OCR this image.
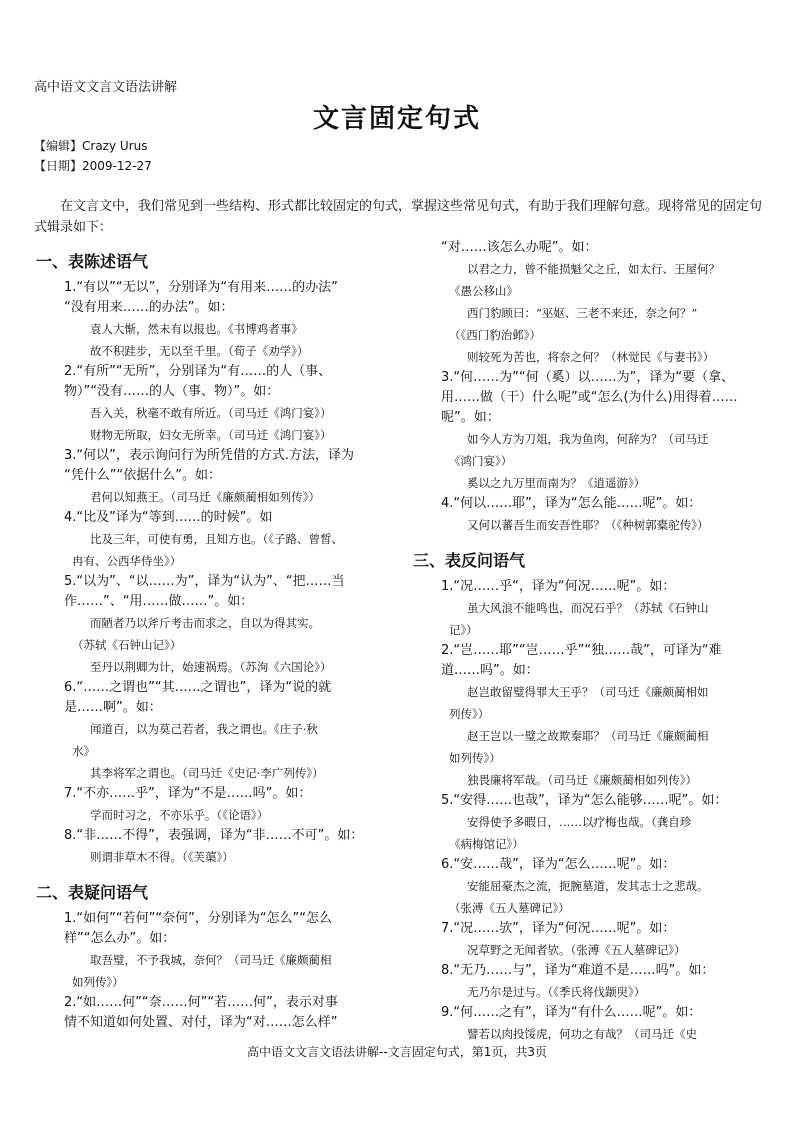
高中语文文言文语法讲解
文言固定句式
【编辑】Crazy Urus
【日期】2009-12-27
在文言文中，我们常见到一些结构、形式都比较固定的句式，掌握这些常见句式，有助于我们理解句意。现将常见的固定句式辑录如下：
一、表陈述语气
1.“有以”“无以”，分别译为“有用来……的办法”
“没有用来……的办法”。如：
袁人大惭，然未有以报也。《书博鸡者事》
故不积跬步，无以至千里。（荀子《劝学》）
2.“有所”“无所”，分别译为“有……的人（事、
物）”“没有……的人（事、物）”。如：
吾入关，秋毫不敢有所近。（司马迁《鸿门宴》）
财物无所取，妇女无所幸。（司马迁《鸿门宴》）
3.“何以”，表示询问行为所凭借的方式.方法，译为
“凭什么”“依据什么”。如：
君何以知燕王。（司马迁《廉颇蔺相如列传》）
4.“比及”译为“等到……的时候”。如
比及三年，可使有勇，且知方也。（《子路、曾皙、
冉有、公西华侍坐》）
5.“以为”、“以……为”，译为“认为”、“把……当
作……”、“用……做……”。如：
而陋者乃以斧斤考击而求之，自以为得其实。
（苏轼《石钟山记》）
至丹以荆卿为计，始速祸焉。（苏洵《六国论》）
6.“……之谓也”“其……之谓也”，译为“说的就
是……啊”。如：
闻道百，以为莫己若者，我之谓也。《庄子·秋
水》
其李将军之谓也。（司马迁《史记·李广列传》）
7.“不亦……乎”，译为“不是……吗”。如：
学而时习之，不亦乐乎。（《论语》）
8.“非……不得”，表强调，译为“非……不可”。如：
则谓非草木不得。（《芙蕖》）
二、表疑问语气
1.“如何”“若何”“奈何”，分别译为“怎么”“怎么
样”“怎么办”。如：
取吾璧，不予我城，奈何？（司马迁《廉颇蔺相
如列传》）
2.“如……何”“奈……何”“若……何”，表示对事
情不知道如何处置、对付，译为“对……怎么样”
“对……该怎么办呢”。如：
以君之力，曾不能损魁父之丘，如太行、王屋何？
《愚公移山》
西门豹顾曰：“巫妪、三老不来还，奈之何？”
（《西门豹治邺》）
则较死为苦也，将奈之何？（林觉民《与妻书》）
3.“何……为”“何（奚）以……为”，译为“要（拿、
用……做（干）什么呢”或“怎么(为什么)用得着……
呢”。如：
如今人方为刀俎，我为鱼肉，何辞为？（司马迁
《鸿门宴》）
奚以之九万里而南为？《逍遥游》）
4.“何以……耶”，译为“怎么能……呢”。如：
又何以蕃吾生而安吾性耶？（《种树郭橐驼传》）
三、表反问语气
1.“况……乎“，译为“何况……呢”。如：
虽大风浪不能鸣也，而况石乎？（苏轼《石钟山
记》）
2.“岂……耶”“岂……乎”“独……哉”，可译为“难
道……吗”。如：
赵岂敢留璧得罪大王乎？（司马迁《廉颇蔺相如
列传》）
赵王岂以一璧之故欺秦耶？（司马迁《廉颇蔺相
如列传》）
独畏廉将军哉。（司马迁《廉颇蔺相如列传》）
5.“安得……也哉”，译为“怎么能够……呢”。如：
安得使予多暇日，……以疗梅也哉。（龚自珍
《病梅馆记》）
6.“安……哉”，译为“怎么……呢”。如：
安能屈豪杰之流，扼腕墓道，发其志士之悲哉。
（张溥《五人墓碑记》）
7.“况……欤”，译为“何况……呢”。如：
况草野之无闻者欤。（张溥《五人墓碑记》）
8.“无乃……与”，译为“难道不是……吗”。如：
无乃尔是过与。（《季氏将伐颛臾》）
9.“何……之有”，译为“有什么……呢”。如：
譬若以肉投馁虎，何功之有哉？（司马迁《史
高中语文文言文语法讲解--文言固定句式，第1页，共3页
